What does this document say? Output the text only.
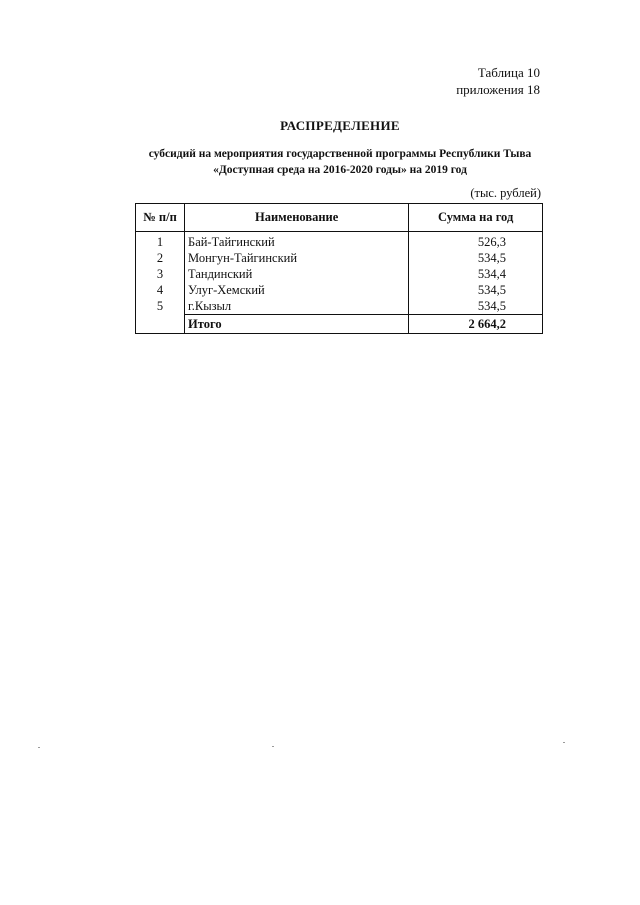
Таблица 10
приложения 18
РАСПРЕДЕЛЕНИЕ
субсидий на мероприятия государственной программы Республики Тыва
«Доступная среда на 2016-2020 годы» на 2019 год
(тыс. рублей)
№ п/п	Наименование	Сумма на год
1	Бай-Тайгинский	526,3
2	Монгун-Тайгинский	534,5
3	Тандинский	534,4
4	Улуг-Хемский	534,5
5	г.Кызыл	534,5
	Итого	2 664,2
